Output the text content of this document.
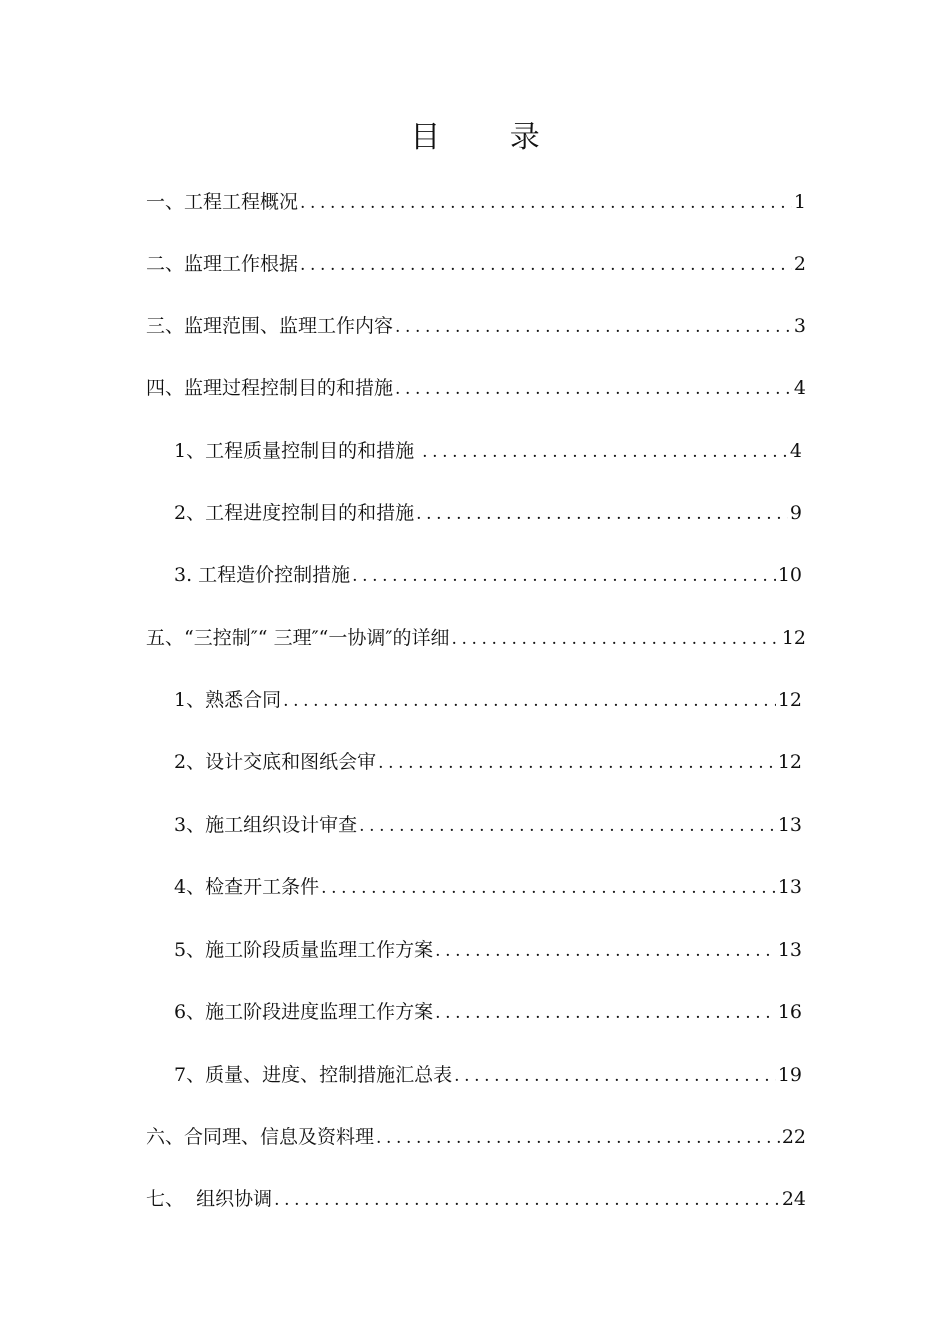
目 录
一、工程工程概况 .....	1
二、监理工作根据 .....	2
三、监理范围、监理工作内容 .....	3
四、监理过程控制目的和措施 .....	4
1、工程质量控制目的和措施 .....	4
2、工程进度控制目的和措施 .....	9
3. 工程造价控制措施 .....	10
五、“三控制″“ 三理″“一协调″的详细 .....	12
1、熟悉合同 .....	12
2、设计交底和图纸会审 .....	12
3、施工组织设计审查 .....	13
4、检查开工条件 .....	13
5、施工阶段质量监理工作方案 .....	13
6、施工阶段进度监理工作方案 .....	16
7、质量、进度、控制措施汇总表 .....	19
六、合同理、信息及资料理 .....	22
七、  组织协调 .....	24
